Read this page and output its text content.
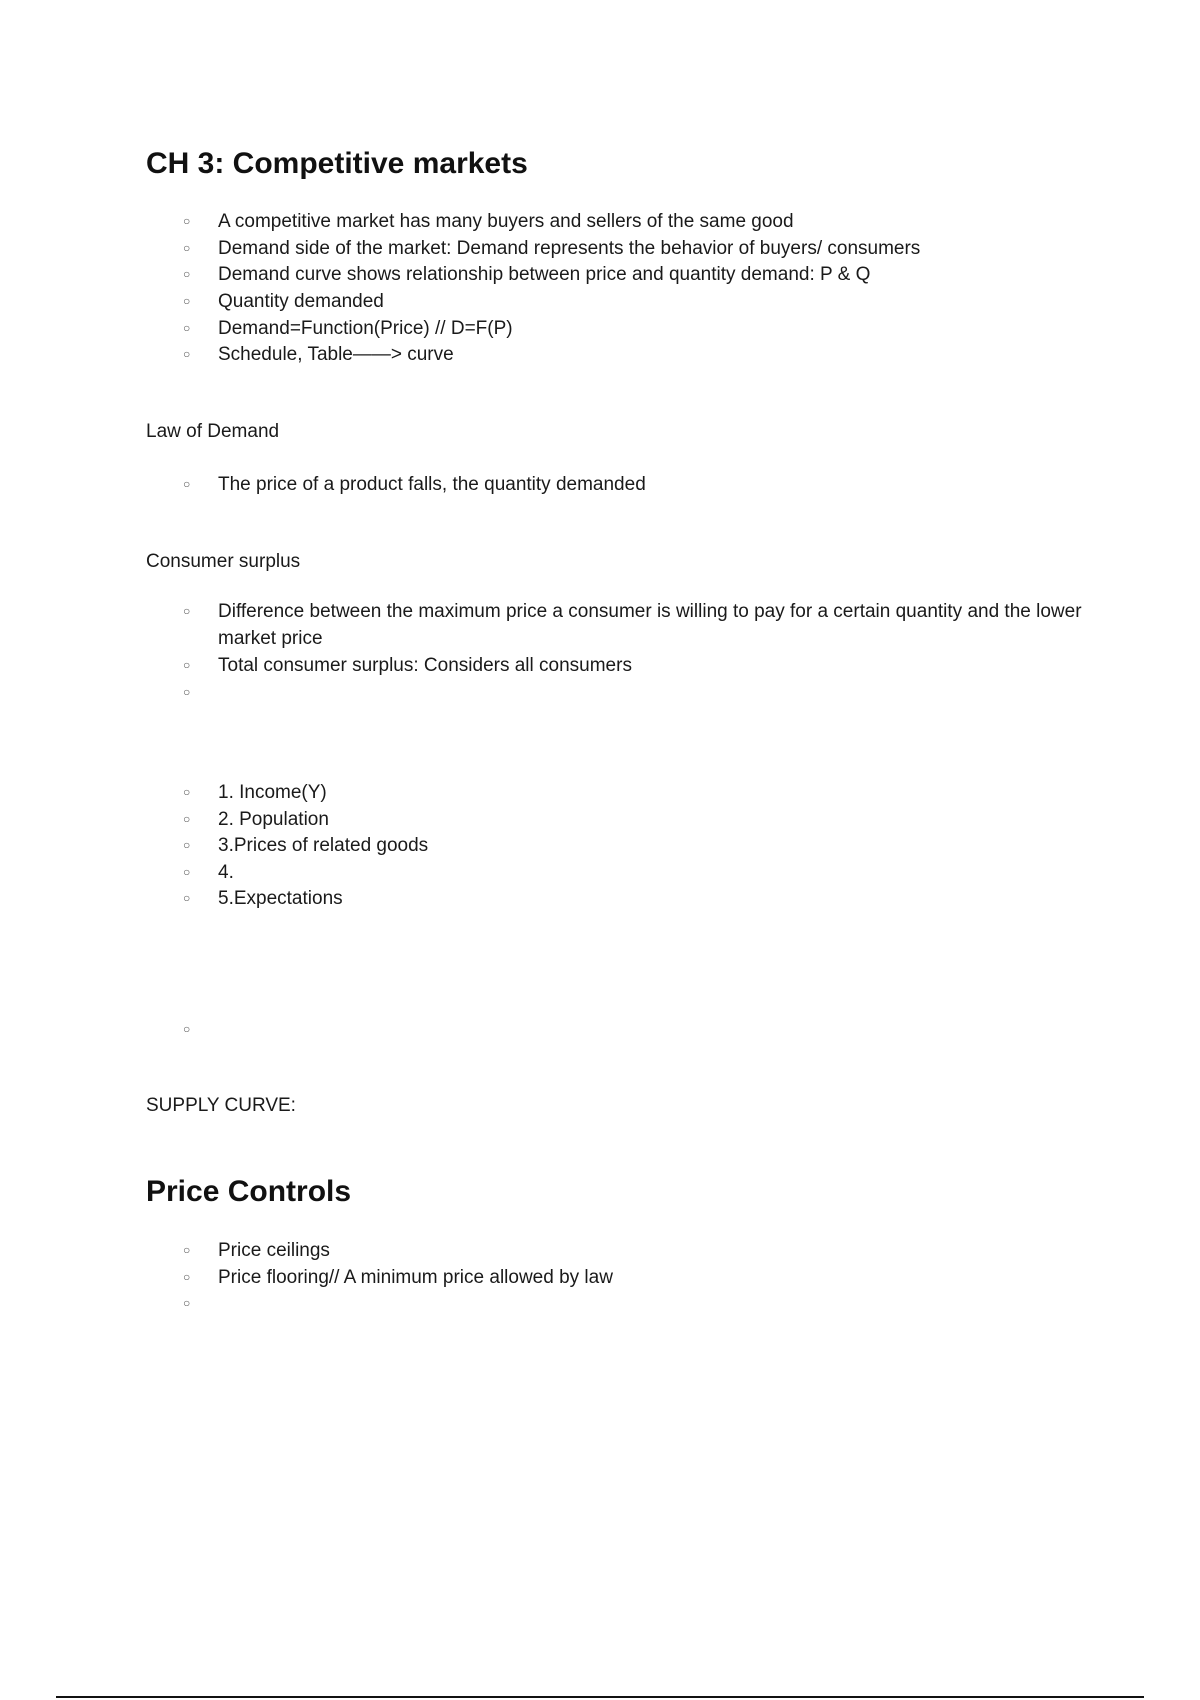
CH 3: Competitive markets
○ A competitive market has many buyers and sellers of the same good
○ Demand side of the market: Demand represents the behavior of buyers/ consumers
○ Demand curve shows relationship between price and quantity demand: P & Q
○ Quantity demanded
○ Demand=Function(Price) // D=F(P)
○ Schedule, Table——> curve
Law of Demand
○ The price of a product falls, the quantity demanded
Consumer surplus
○ Difference between the maximum price a consumer is willing to pay for a certain quantity and the lower market price
○ Total consumer surplus: Considers all consumers
○
○ 1. Income(Y)
○ 2. Population
○ 3.Prices of related goods
○ 4.
○ 5.Expectations
○
SUPPLY CURVE:
Price Controls
○ Price ceilings
○ Price flooring// A minimum price allowed by law
○
